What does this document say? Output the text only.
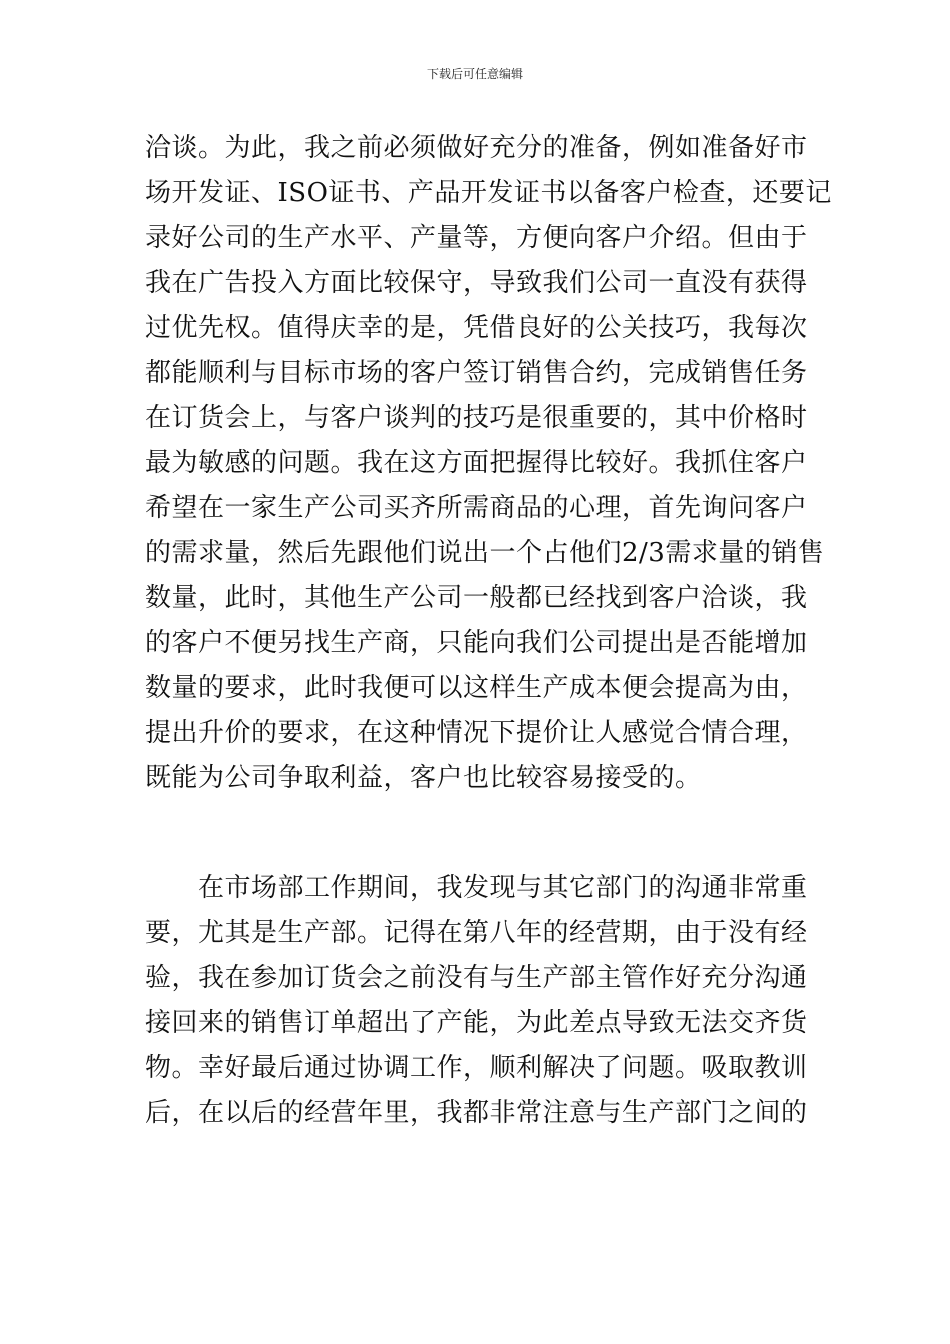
下载后可任意编辑
洽谈。为此，我之前必须做好充分的准备，例如准备好市
场开发证、ISO证书、产品开发证书以备客户检查，还要记
录好公司的生产水平、产量等，方便向客户介绍。但由于
我在广告投入方面比较保守，导致我们公司一直没有获得
过优先权。值得庆幸的是，凭借良好的公关技巧，我每次
都能顺利与目标市场的客户签订销售合约，完成销售任务
在订货会上，与客户谈判的技巧是很重要的，其中价格时
最为敏感的问题。我在这方面把握得比较好。我抓住客户
希望在一家生产公司买齐所需商品的心理，首先询问客户
的需求量，然后先跟他们说出一个占他们2/3需求量的销售
数量，此时，其他生产公司一般都已经找到客户洽谈，我
的客户不便另找生产商，只能向我们公司提出是否能增加
数量的要求，此时我便可以这样生产成本便会提高为由，
提出升价的要求，在这种情况下提价让人感觉合情合理，
既能为公司争取利益，客户也比较容易接受的。
在市场部工作期间，我发现与其它部门的沟通非常重
要，尤其是生产部。记得在第八年的经营期，由于没有经
验，我在参加订货会之前没有与生产部主管作好充分沟通
接回来的销售订单超出了产能，为此差点导致无法交齐货
物。幸好最后通过协调工作，顺利解决了问题。吸取教训
后，在以后的经营年里，我都非常注意与生产部门之间的
